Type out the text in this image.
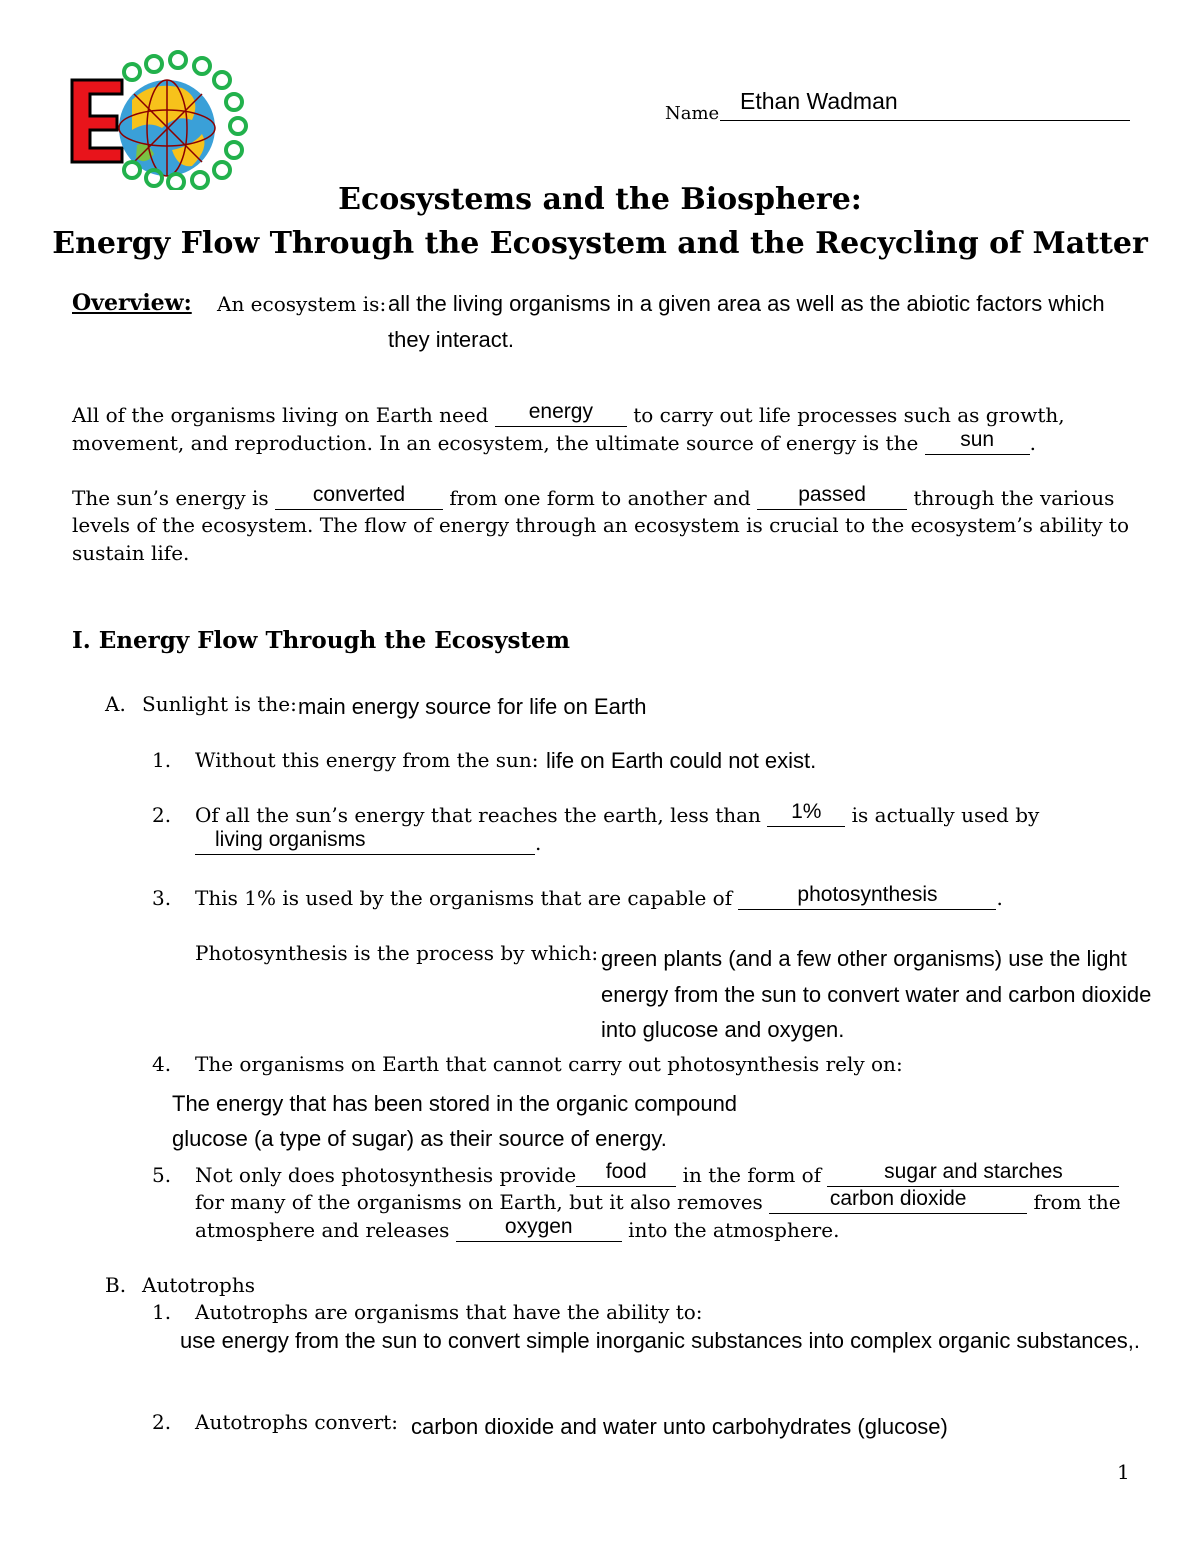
Name Ethan Wadman
Ecosystems and the Biosphere:
Energy Flow Through the Ecosystem and the Recycling of Matter
Overview: An ecosystem is: all the living organisms in a given area as well as the abiotic factors which
they interact.
All of the organisms living on Earth need energy to carry out life processes such as growth,
movement, and reproduction. In an ecosystem, the ultimate source of energy is the sun .
The sun’s energy is converted from one form to another and passed through the various
levels of the ecosystem. The flow of energy through an ecosystem is crucial to the ecosystem’s ability to
sustain life.
I. Energy Flow Through the Ecosystem
A. Sunlight is the: main energy source for life on Earth
1. Without this energy from the sun: life on Earth could not exist.
2. Of all the sun’s energy that reaches the earth, less than 1% is actually used by
living organisms	.
3. This 1% is used by the organisms that are capable of	photosynthesis	.
Photosynthesis is the process by which: green plants (and a few other organisms) use the light
energy from the sun to convert water and carbon dioxide
into glucose and oxygen.
4. The organisms on Earth that cannot carry out photosynthesis rely on:
The energy that has been stored in the organic compound
glucose (a type of sugar) as their source of energy.
5. Not only does photosynthesis provide food in the form of	sugar and starches
for many of the organisms on Earth, but it also removes	carbon dioxide	from the
atmosphere and releases	oxygen	into the atmosphere.
B. Autotrophs
1. Autotrophs are organisms that have the ability to:
use energy from the sun to convert simple inorganic substances into complex organic substances,.
2. Autotrophs convert: carbon dioxide and water unto carbohydrates (glucose)
1
